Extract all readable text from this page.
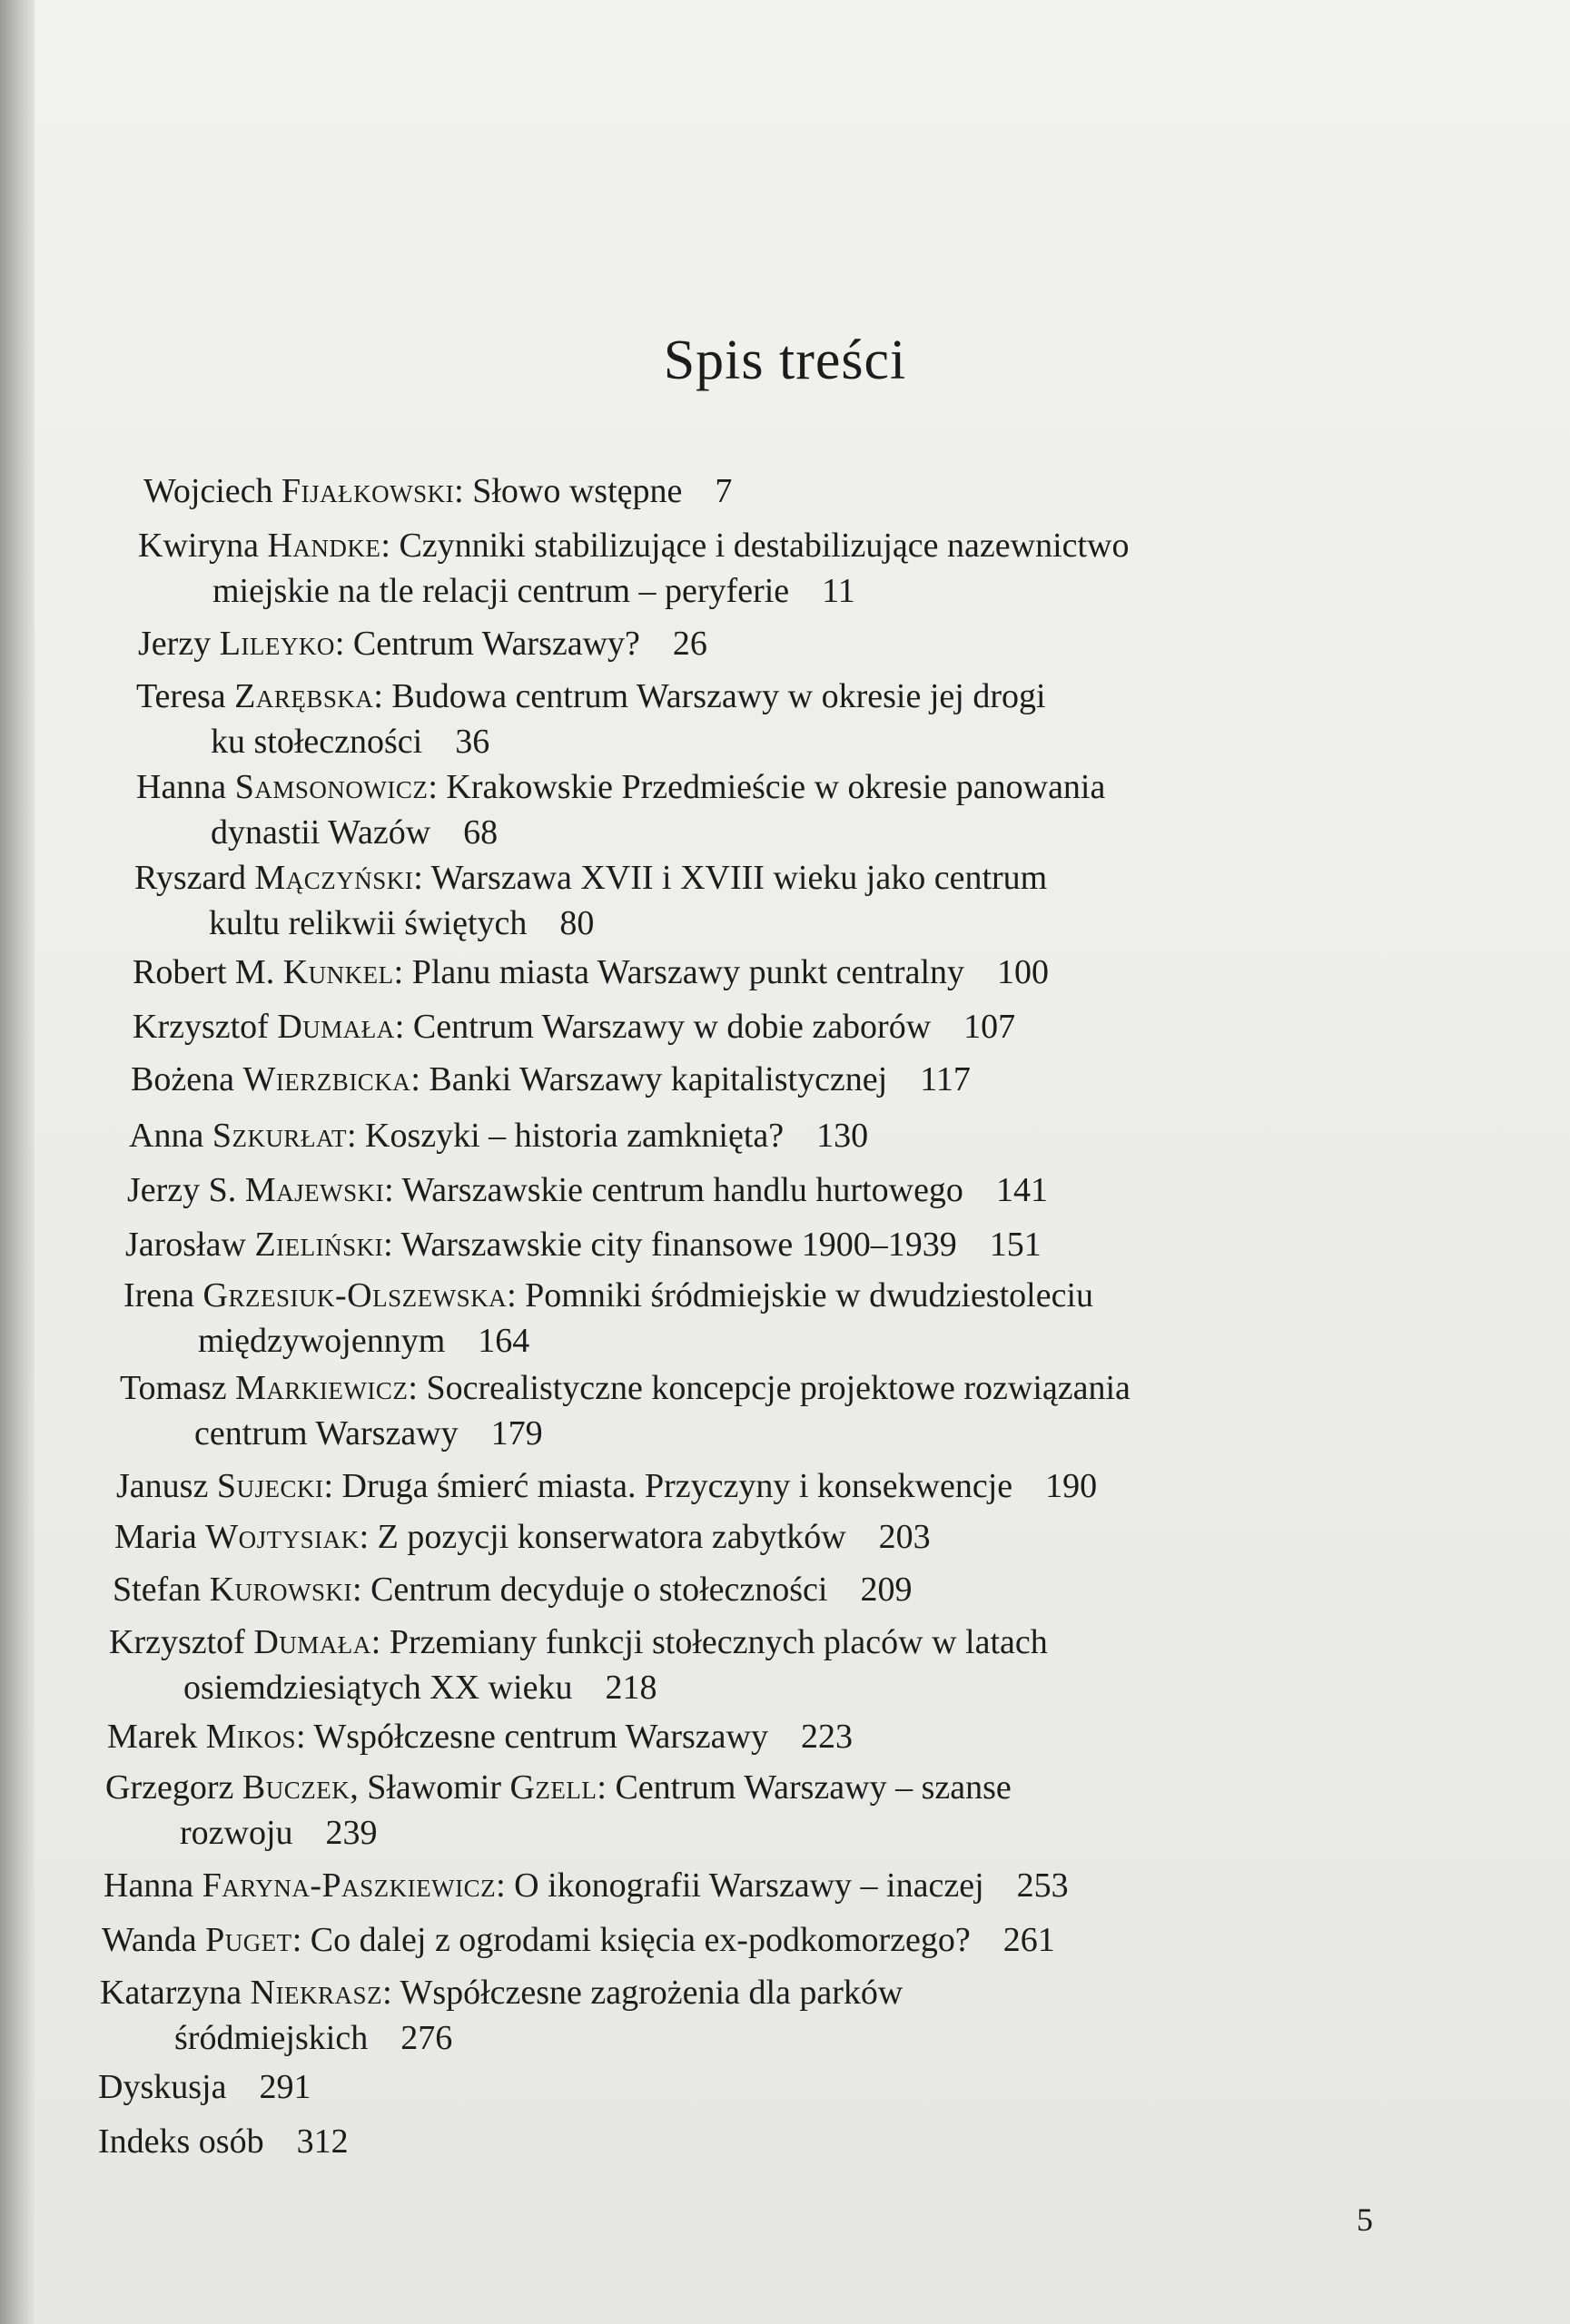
Spis treści
Wojciech Fijałkowski: Słowo wstępne 7
Kwiryna Handke: Czynniki stabilizujące i destabilizujące nazewnictwo
miejskie na tle relacji centrum – peryferie 11
Jerzy Lileyko: Centrum Warszawy? 26
Teresa Zarębska: Budowa centrum Warszawy w okresie jej drogi
ku stołeczności 36
Hanna Samsonowicz: Krakowskie Przedmieście w okresie panowania
dynastii Wazów 68
Ryszard Mączyński: Warszawa XVII i XVIII wieku jako centrum
kultu relikwii świętych 80
Robert M. Kunkel: Planu miasta Warszawy punkt centralny 100
Krzysztof Dumała: Centrum Warszawy w dobie zaborów 107
Bożena Wierzbicka: Banki Warszawy kapitalistycznej 117
Anna Szkurłat: Koszyki – historia zamknięta? 130
Jerzy S. Majewski: Warszawskie centrum handlu hurtowego 141
Jarosław Zieliński: Warszawskie city finansowe 1900–1939 151
Irena Grzesiuk-Olszewska: Pomniki śródmiejskie w dwudziestoleciu
międzywojennym 164
Tomasz Markiewicz: Socrealistyczne koncepcje projektowe rozwiązania
centrum Warszawy 179
Janusz Sujecki: Druga śmierć miasta. Przyczyny i konsekwencje 190
Maria Wojtysiak: Z pozycji konserwatora zabytków 203
Stefan Kurowski: Centrum decyduje o stołeczności 209
Krzysztof Dumała: Przemiany funkcji stołecznych placów w latach
osiemdziesiątych XX wieku 218
Marek Mikos: Współczesne centrum Warszawy 223
Grzegorz Buczek, Sławomir Gzell: Centrum Warszawy – szanse
rozwoju 239
Hanna Faryna-Paszkiewicz: O ikonografii Warszawy – inaczej 253
Wanda Puget: Co dalej z ogrodami księcia ex-podkomorzego? 261
Katarzyna Niekrasz: Współczesne zagrożenia dla parków
śródmiejskich 276
Dyskusja 291
Indeks osób 312
5
